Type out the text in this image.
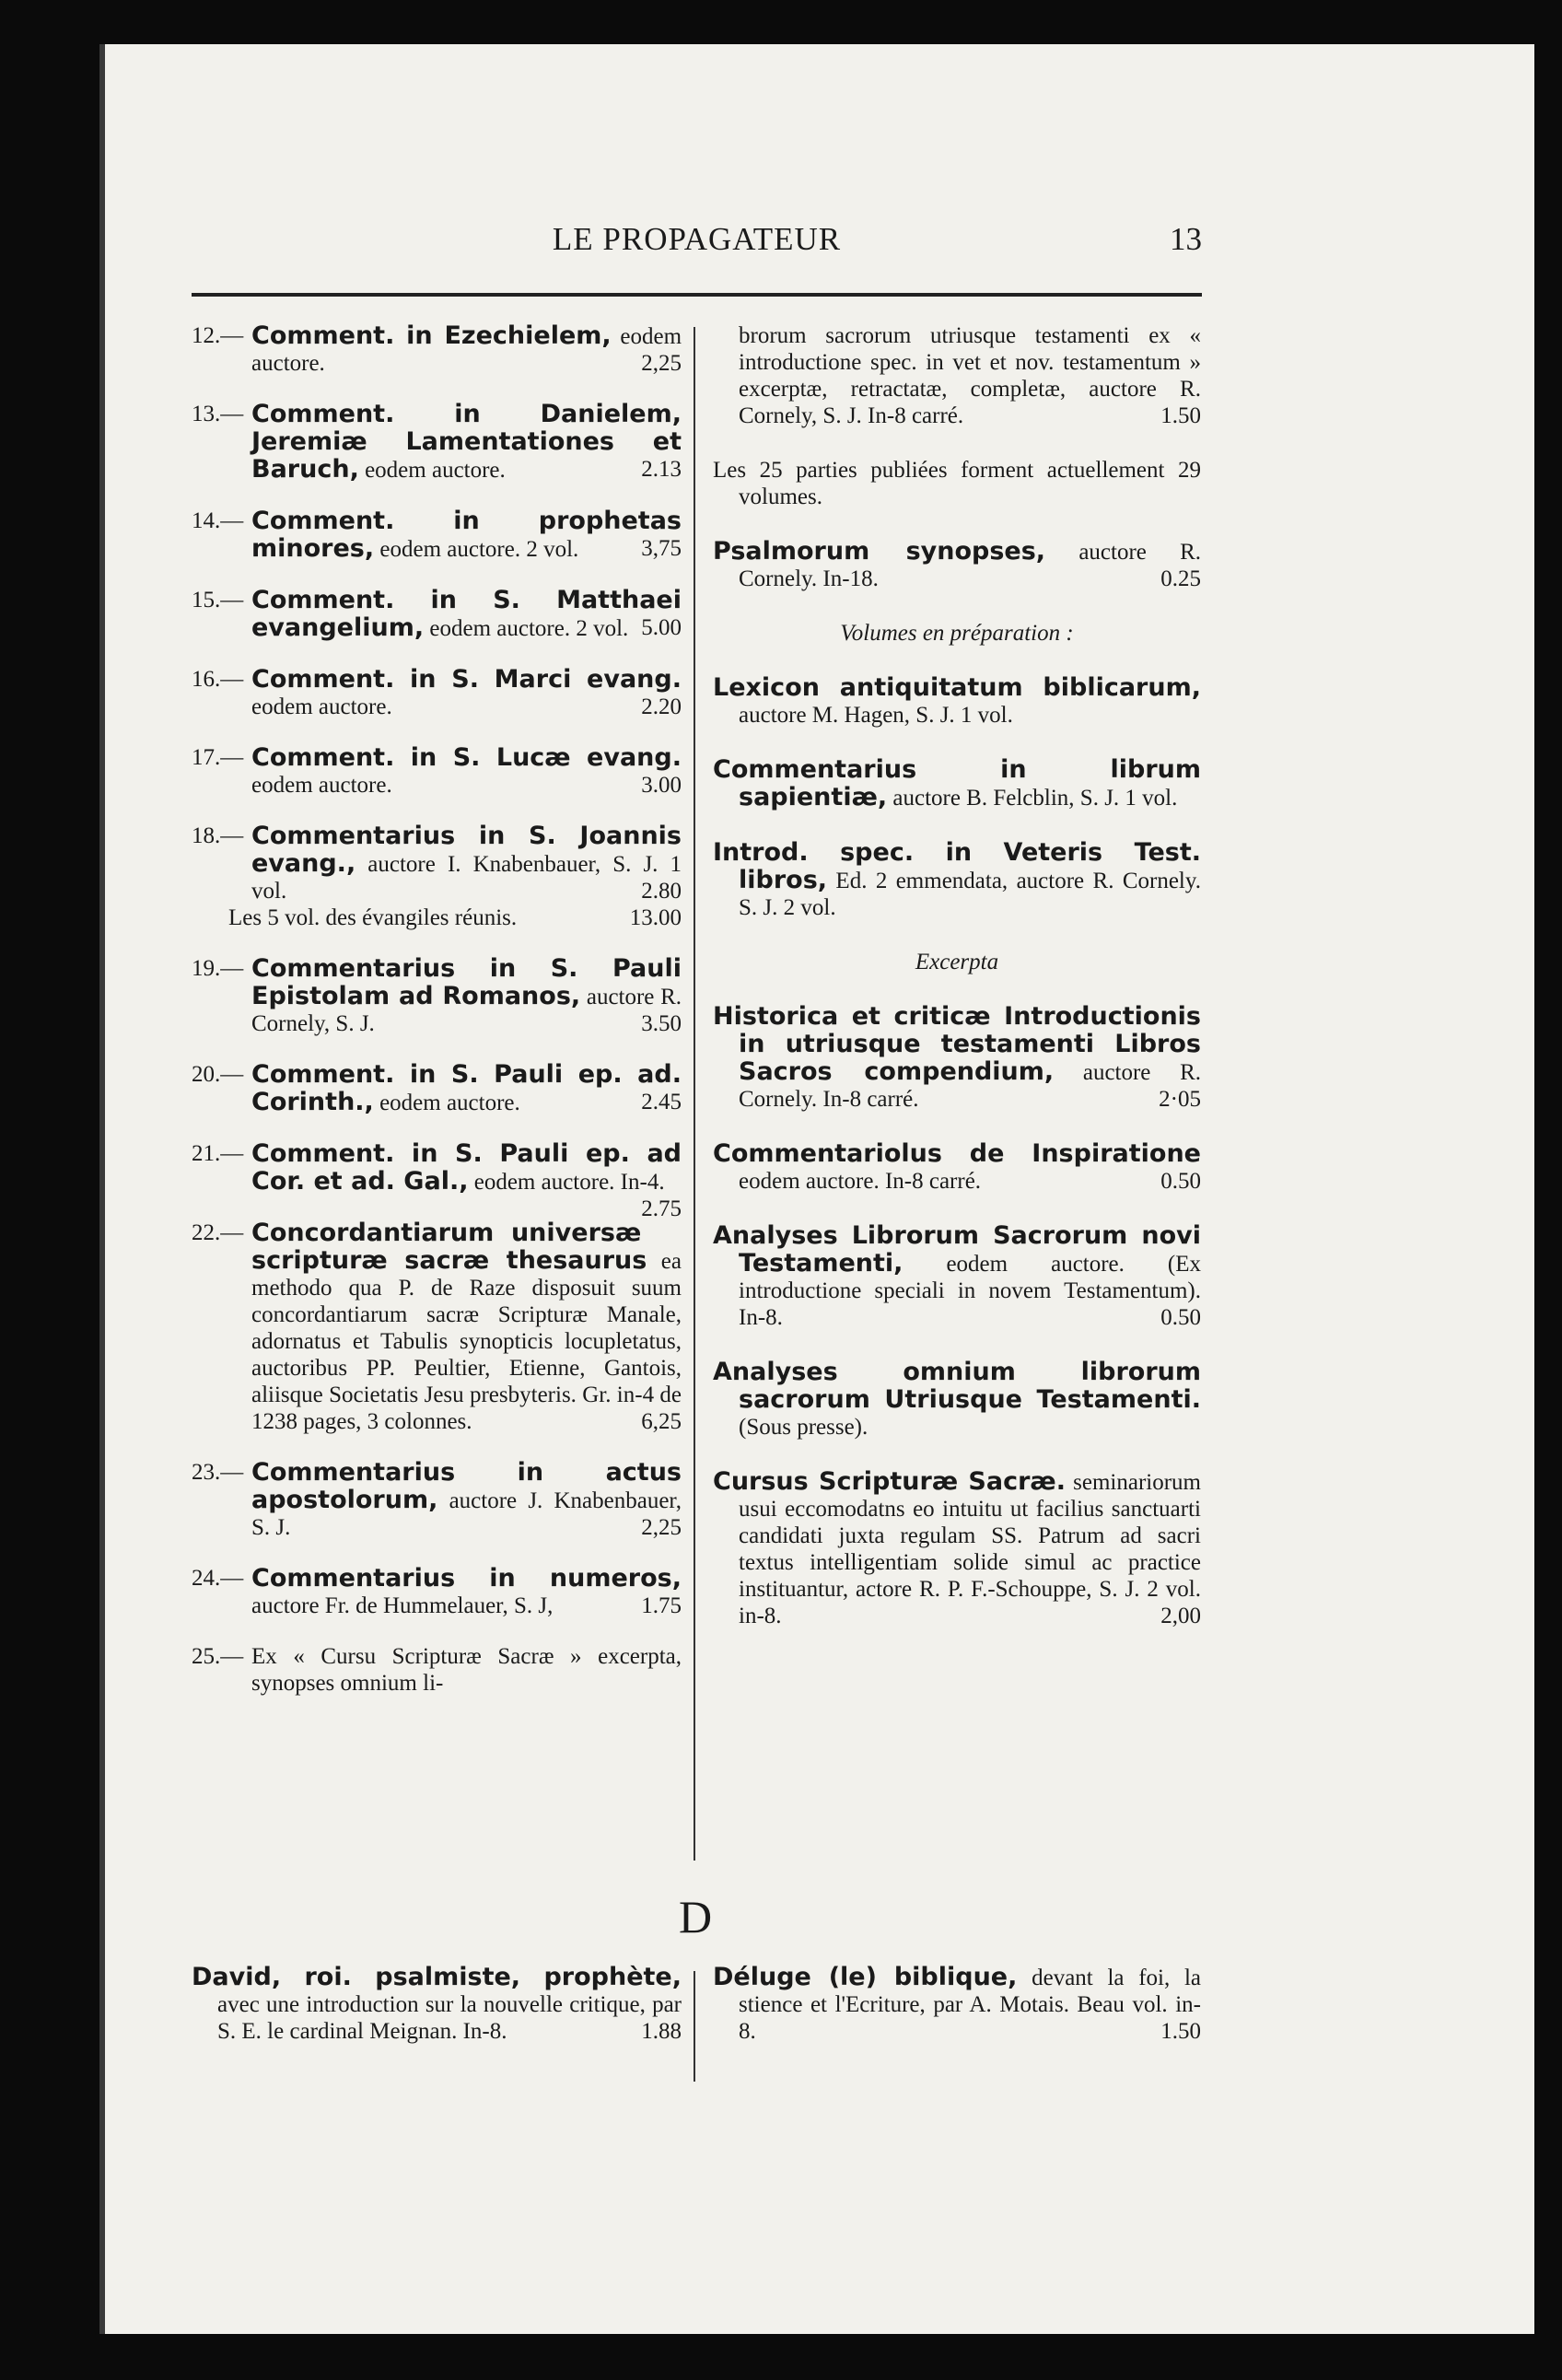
LE PROPAGATEUR	13
12.— Comment. in Ezechielem, eodem auctore.	2,25
13.— Comment. in Danielem, Jeremiæ Lamentationes et Baruch, eodem auctore.	2.13
14.— Comment. in prophetas minores, eodem auctore. 2 vol.	3,75
15.— Comment. in S. Matthaei evangelium, eodem auctore. 2 vol. 5.00
16.— Comment. in S. Marci evang. eodem auctore.	2.20
17.— Comment. in S. Lucæ evang. eodem auctore.	3.00
18.— Commentarius in S. Joannis evang., auctore I. Knabenbauer, S. J. 1 vol.	2.80
Les 5 vol. des évangiles réunis.	13.00
19.— Commentarius in S. Pauli Epistolam ad Romanos, auctore R. Cornely, S. J.	3.50
20.— Comment. in S. Pauli ep. ad. Corinth., eodem auctore.	2.45
21.— Comment. in S. Pauli ep. ad Cor. et ad. Gal., eodem auctore. In-4.
2.75
22.— Concordantiarum universæ scripturæ sacræ thesaurus ea methodo qua P. de Raze disposuit suum concordantiarum sacræ Scripturæ Manale, adornatus et Tabulis synopticis locupletatus, auctoribus PP. Peultier, Etienne, Gantois, aliisque Societatis Jesu presbyteris. Gr. in-4 de 1238 pages, 3 colonnes.	6,25
23.— Commentarius in actus apostolorum, auctore J. Knabenbauer, S. J.	2,25
24.— Commentarius in numeros, auctore Fr. de Hummelauer, S. J,	1.75
25.— Ex « Cursu Scripturæ Sacræ » excerpta, synopses omnium li-
brorum sacrorum utriusque testamenti ex « introductione spec. in vet et nov. testamentum » excerptæ, retractatæ, completæ, auctore R. Cornely, S. J. In-8 carré.	1.50
Les 25 parties publiées forment actuellement 29 volumes.
Psalmorum synopses, auctore R. Cornely. In-18.	0.25
Volumes en préparation :
Lexicon antiquitatum biblicarum, auctore M. Hagen, S. J. 1 vol.
Commentarius in librum sapientiæ, auctore B. Felcblin, S. J. 1 vol.
Introd. spec. in Veteris Test. libros, Ed. 2 emmendata, auctore R. Cornely. S. J. 2 vol.
Excerpta
Historica et criticæ Introductionis in utriusque testamenti Libros Sacros compendium, auctore R. Cornely. In-8 carré.	2·05
Commentariolus de Inspiratione eodem auctore. In-8 carré.	0.50
Analyses Librorum Sacrorum novi Testamenti, eodem auctore. (Ex introductione speciali in novem Testamentum). In-8.	0.50
Analyses omnium librorum sacrorum Utriusque Testamenti. (Sous presse).
Cursus Scripturæ Sacræ. seminariorum usui eccomodatns eo intuitu ut facilius sanctuarti candidati juxta regulam SS. Patrum ad sacri textus intelligentiam solide simul ac practice instituantur, actore R. P. F.-Schouppe, S. J. 2 vol. in-8.	2,00
D
David, roi. psalmiste, prophète, avec une introduction sur la nouvelle critique, par S. E. le cardinal Meignan. In-8.	1.88
Déluge (le) biblique, devant la foi, la stience et l'Ecriture, par A. Motais. Beau vol. in-8.	1.50
